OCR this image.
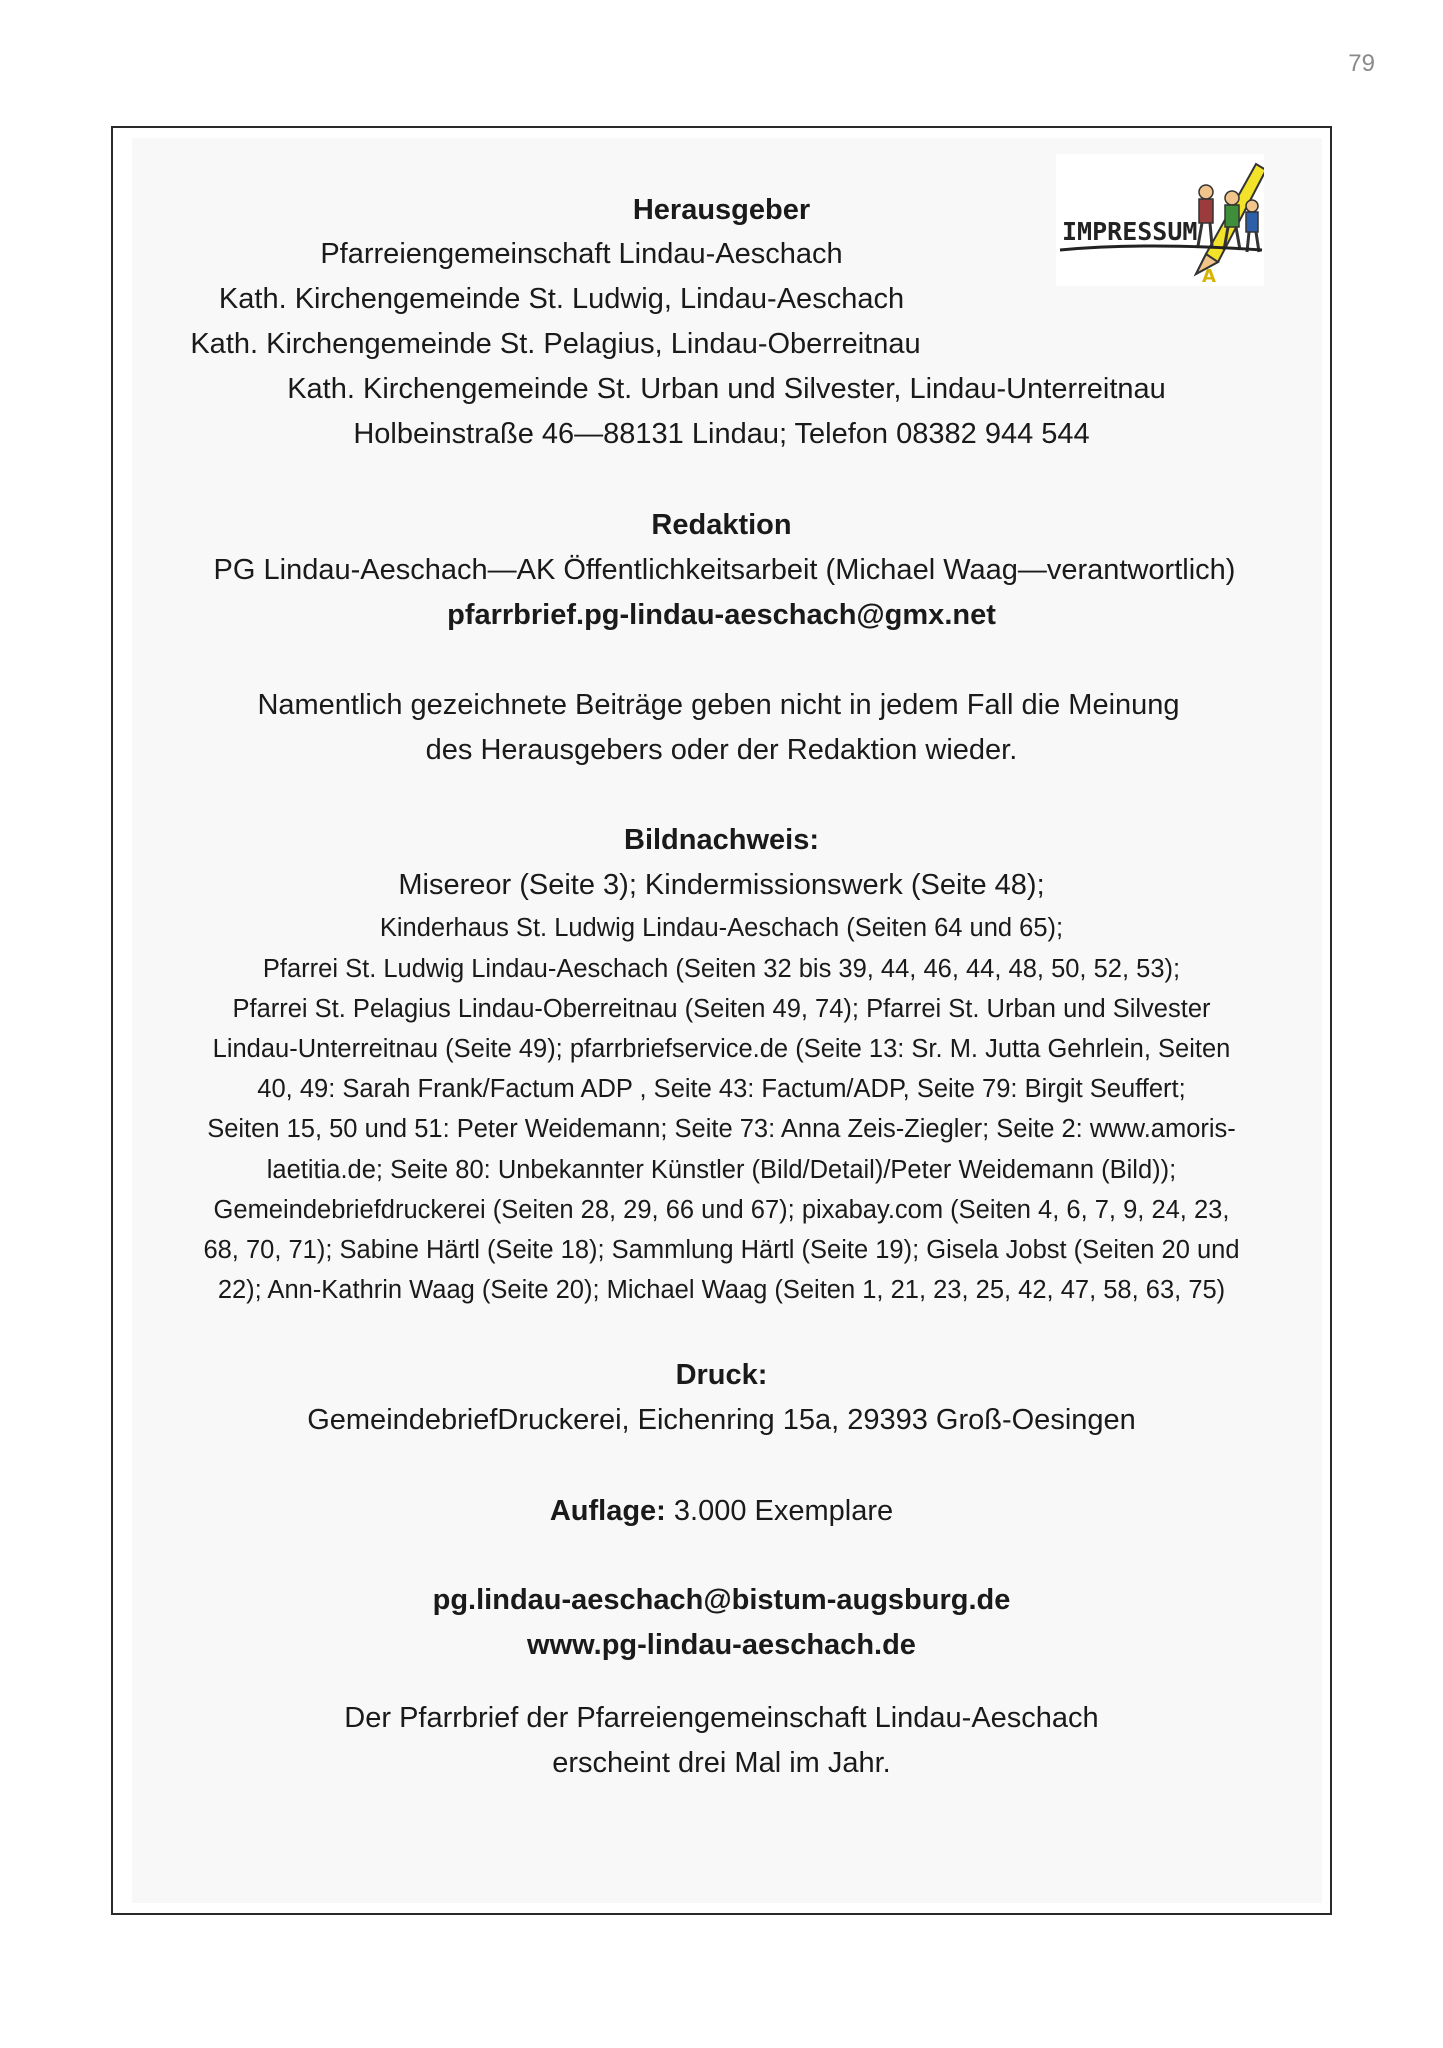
79
A
IMPRESSUM
Herausgeber
Pfarreiengemeinschaft Lindau-Aeschach
Kath. Kirchengemeinde St. Ludwig, Lindau-Aeschach
Kath. Kirchengemeinde St. Pelagius, Lindau-Oberreitnau
Kath. Kirchengemeinde St. Urban und Silvester, Lindau-Unterreitnau
Holbeinstraße 46—88131 Lindau; Telefon 08382 944 544
Redaktion
PG Lindau-Aeschach—AK Öffentlichkeitsarbeit (Michael Waag—verantwortlich)
pfarrbrief.pg-lindau-aeschach@gmx.net
Namentlich gezeichnete Beiträge geben nicht in jedem Fall die Meinung
des Herausgebers oder der Redaktion wieder.
Bildnachweis:
Misereor (Seite 3); Kindermissionswerk (Seite 48);
Kinderhaus St. Ludwig Lindau-Aeschach (Seiten 64 und 65);
Pfarrei St. Ludwig Lindau-Aeschach (Seiten 32 bis 39, 44, 46, 44, 48, 50, 52, 53);
Pfarrei St. Pelagius Lindau-Oberreitnau (Seiten 49, 74); Pfarrei St. Urban und Silvester
Lindau-Unterreitnau (Seite 49); pfarrbriefservice.de (Seite 13: Sr. M. Jutta Gehrlein, Seiten
40, 49: Sarah Frank/Factum ADP , Seite 43: Factum/ADP, Seite 79: Birgit Seuffert;
Seiten 15, 50 und 51: Peter Weidemann; Seite 73: Anna Zeis-Ziegler; Seite 2: www.amoris-
laetitia.de; Seite 80: Unbekannter Künstler (Bild/Detail)/Peter Weidemann (Bild));
Gemeindebriefdruckerei (Seiten 28, 29, 66 und 67); pixabay.com (Seiten 4, 6, 7, 9, 24, 23,
68, 70, 71); Sabine Härtl (Seite 18); Sammlung Härtl (Seite 19); Gisela Jobst (Seiten 20 und
22); Ann-Kathrin Waag (Seite 20); Michael Waag (Seiten 1, 21, 23, 25, 42, 47, 58, 63, 75)
Druck:
GemeindebriefDruckerei, Eichenring 15a, 29393 Groß-Oesingen
Auflage: 3.000 Exemplare
pg.lindau-aeschach@bistum-augsburg.de
www.pg-lindau-aeschach.de
Der Pfarrbrief der Pfarreiengemeinschaft Lindau-Aeschach
erscheint drei Mal im Jahr.
